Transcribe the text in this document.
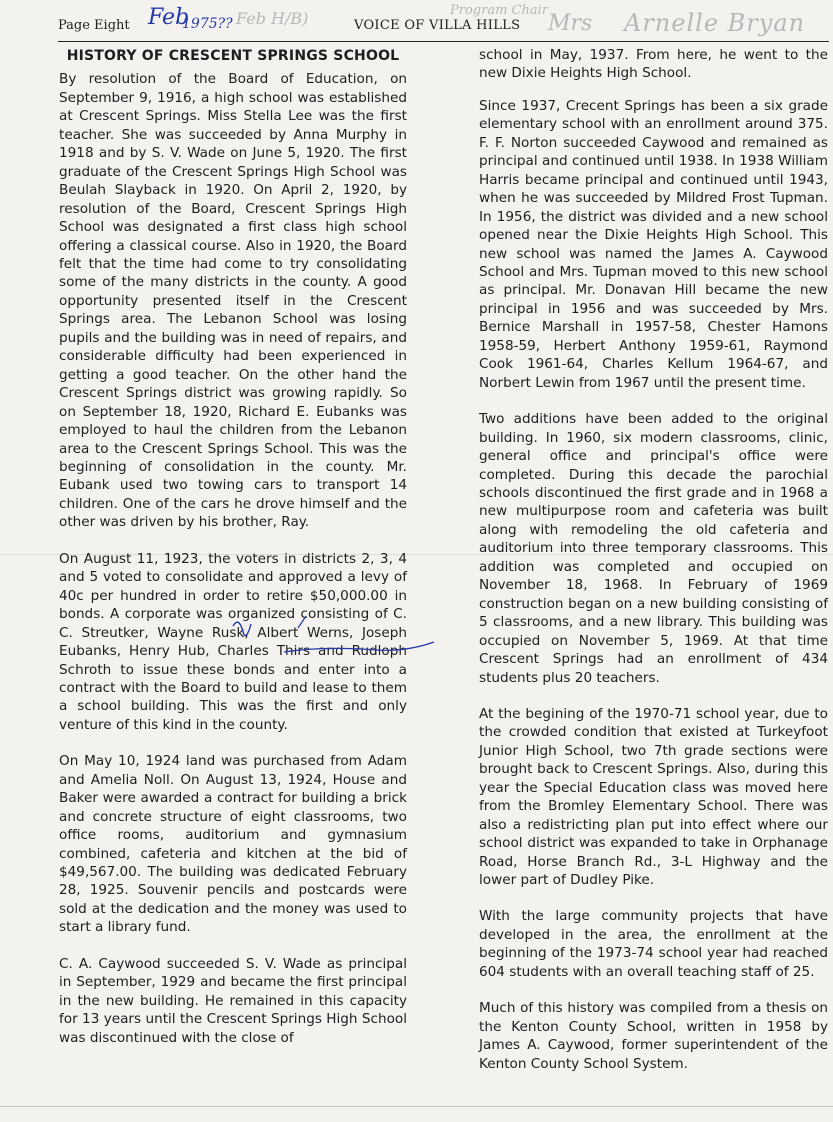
Page Eight Feb
1975?? Feb H/B)	VOICE OF VILLA HILLS
Program Chair
Mrs Arnelle Bryan
HISTORY OF CRESCENT SPRINGS SCHOOL

By resolution of the Board of Education, on September 9, 1916, a high school was established at Crescent Springs. Miss Stella Lee was the first teacher. She was succeeded by Anna Murphy in 1918 and by S. V. Wade on June 5, 1920. The first graduate of the Crescent Springs High School was Beulah Slayback in 1920. On April 2, 1920, by resolution of the Board, Crescent Springs High School was designated a first class high school offering a classical course. Also in 1920, the Board felt that the time had come to try consolidating some of the many districts in the county. A good opportunity presented itself in the Crescent Springs area. The Lebanon School was losing pupils and the building was in need of repairs, and considerable difficulty had been experienced in getting a good teacher. On the other hand the Crescent Springs district was growing rapidly. So on September 18, 1920, Richard E. Eubanks was employed to haul the children from the Lebanon area to the Crescent Springs School. This was the beginning of consolidation in the county. Mr. Eubank used two towing cars to transport 14 children. One of the cars he drove himself and the other was driven by his brother, Ray.

On August 11, 1923, the voters in districts 2, 3, 4 and 5 voted to consolidate and approved a levy of 40c per hundred in order to retire $50,000.00 in bonds. A corporate was organized consisting of C. C. Streutker, Wayne Rusk, Albert Werns, Joseph Eubanks, Henry Hub, Charles Thirs and Rudloph Schroth to issue these bonds and enter into a contract with the Board to build and lease to them a school building. This was the first and only venture of this kind in the county.

On May 10, 1924 land was purchased from Adam and Amelia Noll. On August 13, 1924, House and Baker were awarded a contract for building a brick and concrete structure of eight classrooms, two office rooms, auditorium and gymnasium combined, cafeteria and kitchen at the bid of $49,567.00. The building was dedicated February 28, 1925. Souvenir pencils and postcards were sold at the dedication and the money was used to start a library fund.

C. A. Caywood succeeded S. V. Wade as principal in September, 1929 and became the first principal in the new building. He remained in this capacity for 13 years until the Crescent Springs High School was discontinued with the close of

school in May, 1937. From here, he went to the new Dixie Heights High School.

Since 1937, Crecent Springs has been a six grade elementary school with an enrollment around 375. F. F. Norton succeeded Caywood and remained as principal and continued until 1938. In 1938 William Harris became principal and continued until 1943, when he was succeeded by Mildred Frost Tupman. In 1956, the district was divided and a new school opened near the Dixie Heights High School. This new school was named the James A. Caywood School and Mrs. Tupman moved to this new school as principal. Mr. Donavan Hill became the new principal in 1956 and was succeeded by Mrs. Bernice Marshall in 1957-58, Chester Hamons 1958-59, Herbert Anthony 1959-61, Raymond Cook 1961-64, Charles Kellum 1964-67, and Norbert Lewin from 1967 until the present time.

Two additions have been added to the original building. In 1960, six modern classrooms, clinic, general office and principal's office were completed. During this decade the parochial schools discontinued the first grade and in 1968 a new multipurpose room and cafeteria was built along with remodeling the old cafeteria and auditorium into three temporary classrooms. This addition was completed and occupied on November 18, 1968. In February of 1969 construction began on a new building consisting of 5 classrooms, and a new library. This building was occupied on November 5, 1969. At that time Crescent Springs had an enrollment of 434 students plus 20 teachers.

At the begining of the 1970-71 school year, due to the crowded condition that existed at Turkeyfoot Junior High School, two 7th grade sections were brought back to Crescent Springs. Also, during this year the Special Education class was moved here from the Bromley Elementary School. There was also a redistricting plan put into effect where our school district was expanded to take in Orphanage Road, Horse Branch Rd., 3-L Highway and the lower part of Dudley Pike.

With the large community projects that have developed in the area, the enrollment at the beginning of the 1973-74 school year had reached 604 students with an overall teaching staff of 25.

Much of this history was compiled from a thesis on the Kenton County School, written in 1958 by James A. Caywood, former superintendent of the Kenton County School System.
